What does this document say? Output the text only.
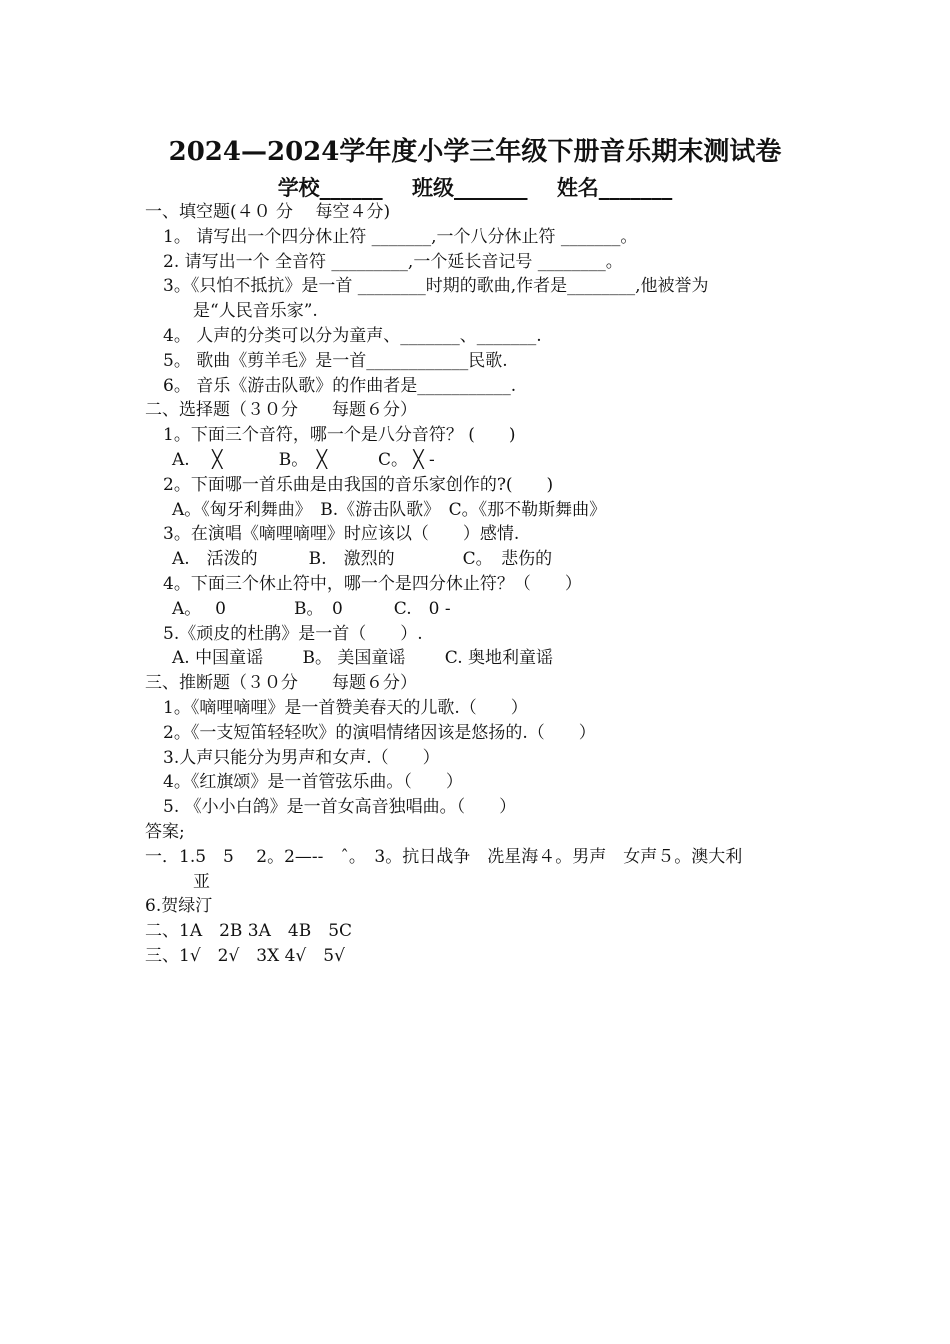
2024—2024学年度小学三年级下册音乐期末测试卷
学校______ 班级_______ 姓名_______
一、填空题(４０ 分　 每空４分)
1。 请写出一个四分休止符 _______,一个八分休止符 _______。
2. 请写出一个 全音符 _________,一个延长音记号 ________。
3。《只怕不抵抗》是一首 ________时期的歌曲,作者是________,他被誉为
是“人民音乐家”.
4。 人声的分类可以分为童声、_______、_______.
5。 歌曲《剪羊毛》是一首____________民歌.
6。 音乐《游击队歌》的作曲者是___________.
二、选择题（３０分　　每题６分）
1。下面三个音符，哪一个是八分音符？ (　　)
A.　 ╳　　　 B。　╳　　　C。 ╳ -
2。下面哪一首乐曲是由我国的音乐家创作的?(　　)
A。《匈牙利舞曲》　B.《游击队歌》　C。《那不勒斯舞曲》
3。在演唱《嘀哩嘀哩》时应该以（　　）感情.
A.　活泼的　　　B.　激烈的　　　　C。　悲伤的
4。下面三个休止符中，哪一个是四分休止符？（　　）
A。　 0　　　　B。　0　　　C.　0 -
5.《顽皮的杜鹃》是一首（　　）.
A. 中国童谣　　 B。 美国童谣　　 C. 奥地利童谣
三、推断题（３０分　　每题６分）
1。《嘀哩嘀哩》是一首赞美春天的儿歌.（　　）
2。《一支短笛轻轻吹》的演唱情绪因该是悠扬的.（　　）
3.人声只能分为男声和女声.（　　）
4。《红旗颂》是一首管弦乐曲。（　　）
5. 《小小白鸽》是一首女高音独唱曲。（　　）
答案;
一．1.5　5　 2。2—--　ˆ。　3。抗日战争　冼星海４。男声　女声５。澳大利
亚
6.贺绿汀
二、1A　2B 3A　4B　5C
三、1√　2√　3X 4√　5√
